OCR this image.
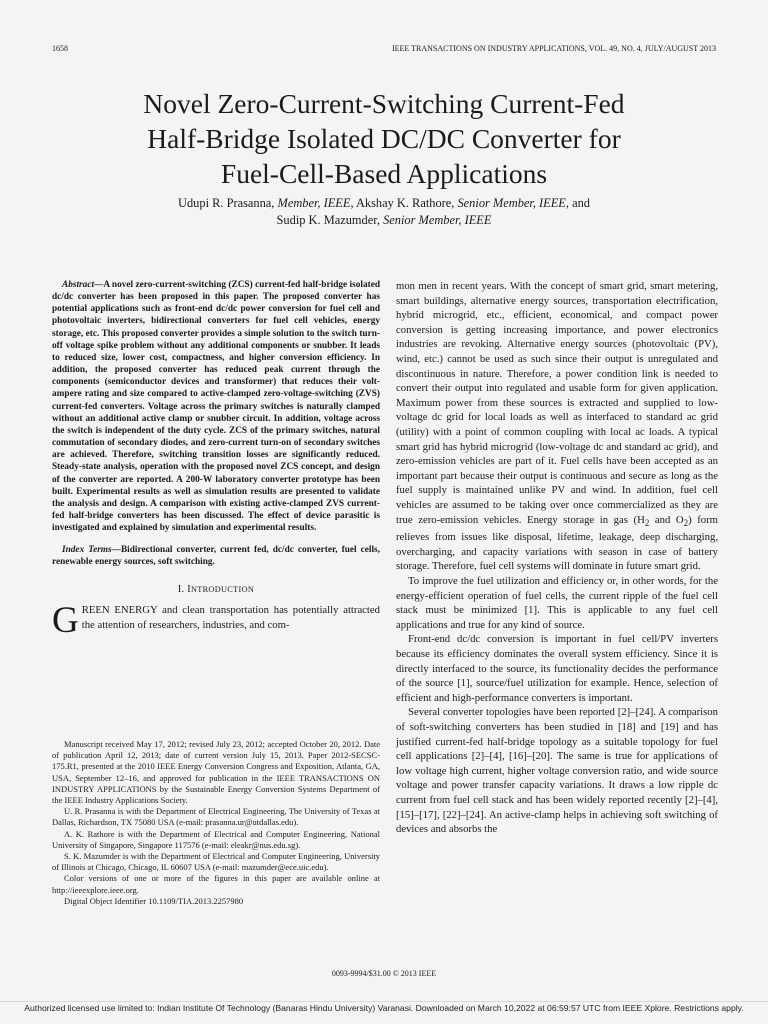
1658	IEEE TRANSACTIONS ON INDUSTRY APPLICATIONS, VOL. 49, NO. 4, JULY/AUGUST 2013
Novel Zero-Current-Switching Current-Fed
Half-Bridge Isolated DC/DC Converter for
Fuel-Cell-Based Applications
Udupi R. Prasanna, Member, IEEE, Akshay K. Rathore, Senior Member, IEEE, and
Sudip K. Mazumder, Senior Member, IEEE

Abstract—A novel zero-current-switching (ZCS) current-fed half-bridge isolated dc/dc converter has been proposed in this paper. The proposed converter has potential applications such as front-end dc/dc power conversion for fuel cell and photovoltaic inverters, bidirectional converters for fuel cell vehicles, energy storage, etc. This proposed converter provides a simple solution to the switch turn-off voltage spike problem without any additional components or snubber. It leads to reduced size, lower cost, compactness, and higher conversion efficiency. In addition, the proposed converter has reduced peak current through the components (semiconductor devices and transformer) that reduces their volt-ampere rating and size compared to active-clamped zero-voltage-switching (ZVS) current-fed converters. Voltage across the primary switches is naturally clamped without an additional active clamp or snubber circuit. In addition, voltage across the switch is independent of the duty cycle. ZCS of the primary switches, natural commutation of secondary diodes, and zero-current turn-on of secondary switches are achieved. Therefore, switching transition losses are significantly reduced. Steady-state analysis, operation with the proposed novel ZCS concept, and design of the converter are reported. A 200-W laboratory converter prototype has been built. Experimental results as well as simulation results are presented to validate the analysis and design. A comparison with existing active-clamped ZVS current-fed half-bridge converters has been discussed. The effect of device parasitic is investigated and explained by simulation and experimental results.

Index Terms—Bidirectional converter, current fed, dc/dc converter, fuel cells, renewable energy sources, soft switching.

I. INTRODUCTION

GREEN ENERGY and clean transportation has potentially attracted the attention of researchers, industries, and com-

Manuscript received May 17, 2012; revised July 23, 2012; accepted October 20, 2012. Date of publication April 12, 2013; date of current version July 15, 2013. Paper 2012-SECSC-175.R1, presented at the 2010 IEEE Energy Conversion Congress and Exposition, Atlanta, GA, USA, September 12–16, and approved for publication in the IEEE TRANSACTIONS ON INDUSTRY APPLICATIONS by the Sustainable Energy Conversion Systems Department of the IEEE Industry Applications Society.

U. R. Prasanna is with the Department of Electrical Engineering, The University of Texas at Dallas, Richardson, TX 75080 USA (e-mail: prasanna.ur@utdallas.edu).

A. K. Rathore is with the Department of Electrical and Computer Engineering, National University of Singapore, Singapore 117576 (e-mail: eleakr@nus.edu.sg).

S. K. Mazumder is with the Department of Electrical and Computer Engineering, University of Illinois at Chicago, Chicago, IL 60607 USA (e-mail: mazumder@ece.uic.edu).

Color versions of one or more of the figures in this paper are available online at http://ieeexplore.ieee.org.

Digital Object Identifier 10.1109/TIA.2013.2257980

mon men in recent years. With the concept of smart grid, smart metering, smart buildings, alternative energy sources, transportation electrification, hybrid microgrid, etc., efficient, economical, and compact power conversion is getting increasing importance, and power electronics industries are revoking. Alternative energy sources (photovoltaic (PV), wind, etc.) cannot be used as such since their output is unregulated and discontinuous in nature. Therefore, a power condition link is needed to convert their output into regulated and usable form for given application. Maximum power from these sources is extracted and supplied to low-voltage dc grid for local loads as well as interfaced to standard ac grid (utility) with a point of common coupling with local ac loads. A typical smart grid has hybrid microgrid (low-voltage dc and standard ac grid), and zero-emission vehicles are part of it. Fuel cells have been accepted as an important part because their output is continuous and secure as long as the fuel supply is maintained unlike PV and wind. In addition, fuel cell vehicles are assumed to be taking over once commercialized as they are true zero-emission vehicles. Energy storage in gas ($H_2$ and $O_2$) form relieves from issues like disposal, lifetime, leakage, deep discharging, overcharging, and capacity variations with season in case of battery storage. Therefore, fuel cell systems will dominate in future smart grid.

To improve the fuel utilization and efficiency or, in other words, for the energy-efficient operation of fuel cells, the current ripple of the fuel cell stack must be minimized [1]. This is applicable to any fuel cell applications and true for any kind of source.

Front-end dc/dc conversion is important in fuel cell/PV inverters because its efficiency dominates the overall system efficiency. Since it is directly interfaced to the source, its functionality decides the performance of the source [1], source/fuel utilization for example. Hence, selection of efficient and high-performance converters is important.

Several converter topologies have been reported [2]–[24]. A comparison of soft-switching converters has been studied in [18] and [19] and has justified current-fed half-bridge topology as a suitable topology for fuel cell applications [2]–[4], [16]–[20]. The same is true for applications of low voltage high current, higher voltage conversion ratio, and wide source voltage and power transfer capacity variations. It draws a low ripple dc current from fuel cell stack and has been widely reported recently [2]–[4], [15]–[17], [22]–[24]. An active-clamp helps in achieving soft switching of devices and absorbs the

0093-9994/$31.00 © 2013 IEEE
Authorized licensed use limited to: Indian Institute Of Technology (Banaras Hindu University) Varanasi. Downloaded on March 10,2022 at 06:59:57 UTC from IEEE Xplore. Restrictions apply.
